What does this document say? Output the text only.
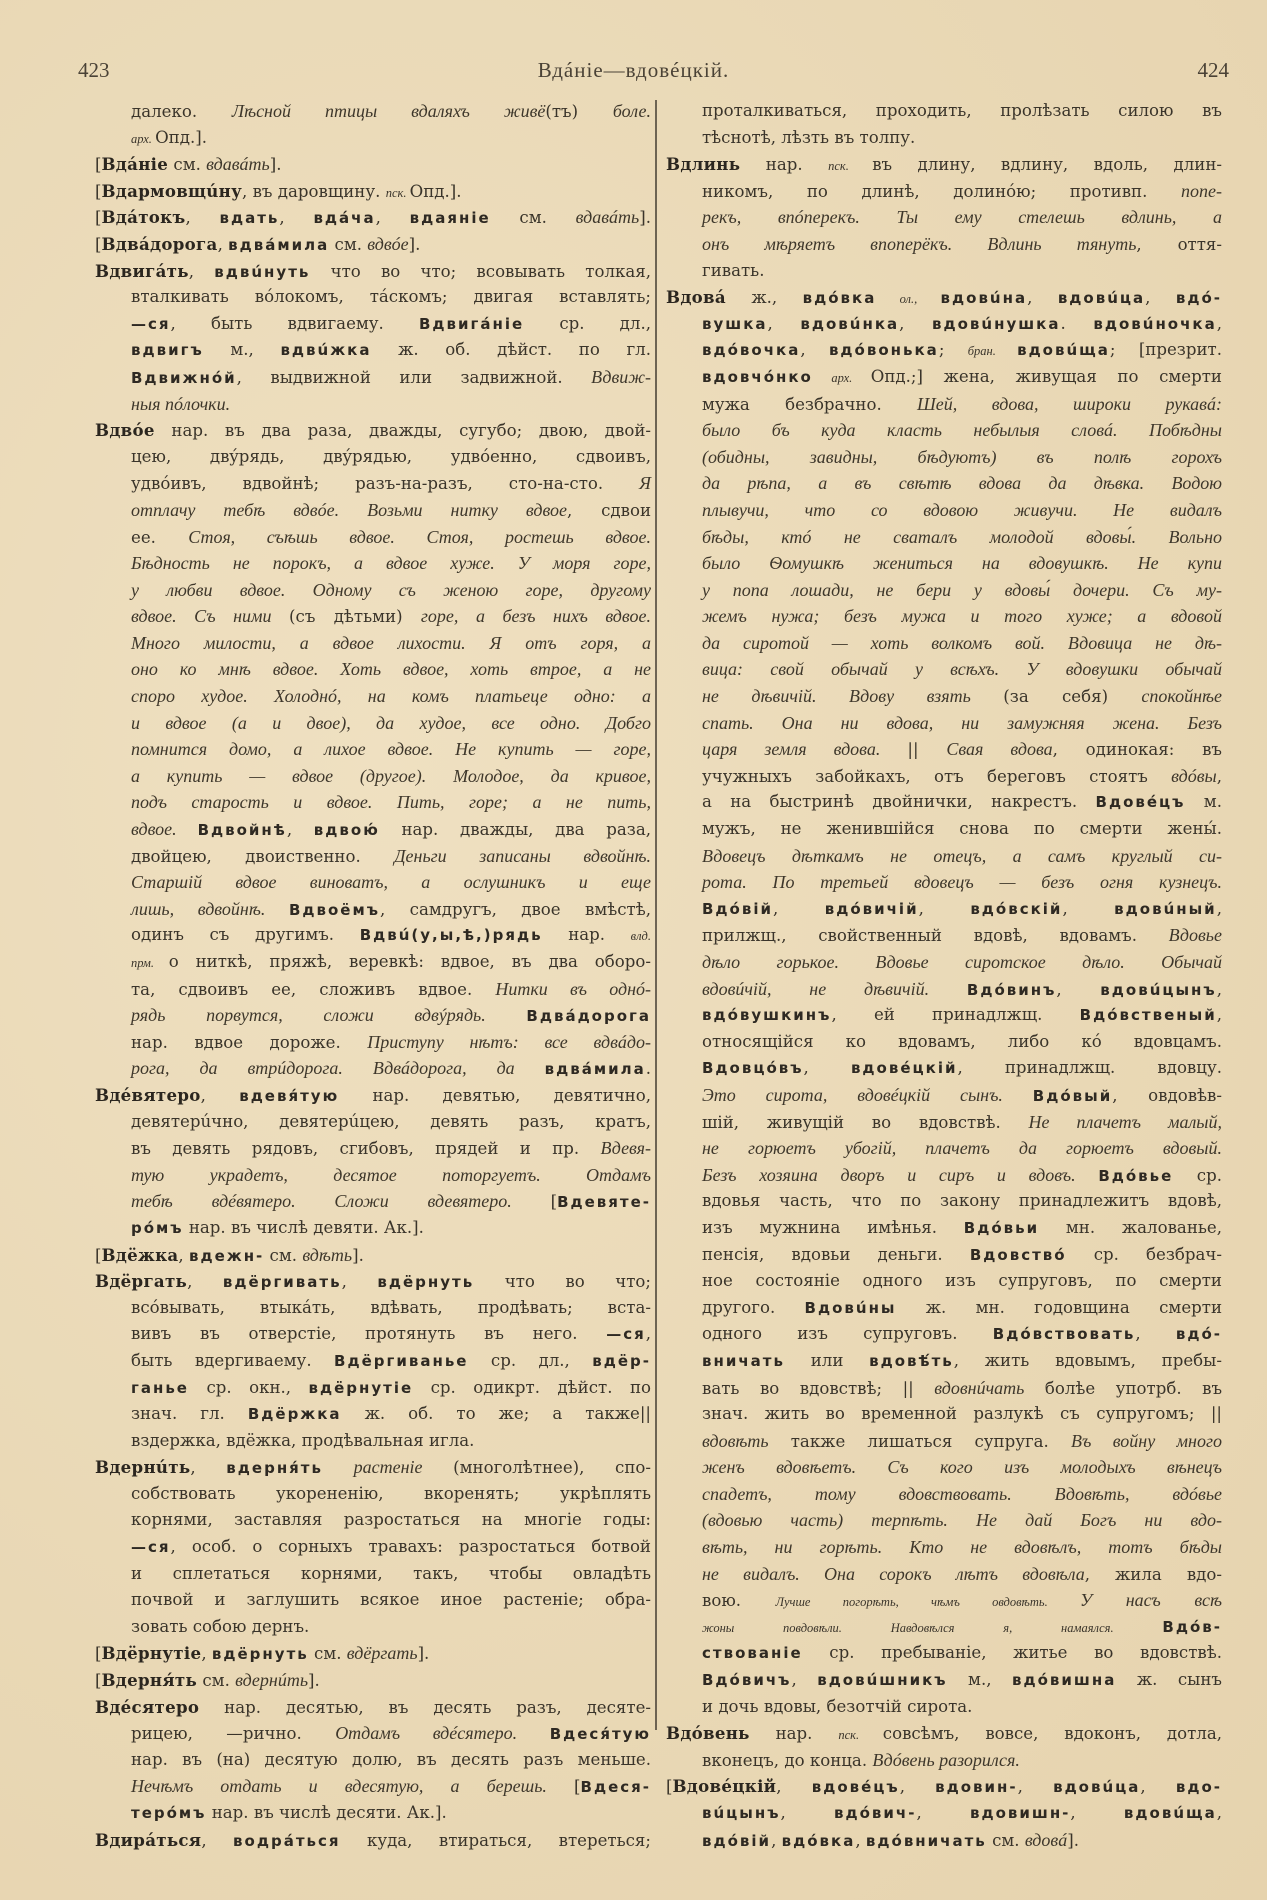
423	Вдáніе—вдовéцкій.	424
далеко. Лѣсной птицы вдаляхъ живё(тъ) боле.
арх. Опд.].
[Вдáніе см. вдавáть].
[Вдармовщúну, въ даровщину. пск. Опд.].
[Вдáтокъ, вдать, вдáча, вдаяніе см. вдавáть].
[Вдвáдорога, вдвáмила см. вдвóе].
Вдвигáть, вдвúнуть что во что; всовывать толкая,
вталкивать вóлокомъ, тáскомъ; двигая вставлять;
—ся, быть вдвигаему. Вдвигáніе ср. дл.,
вдвигъ м., вдвúжка ж. об. дѣйст. по гл.
Вдвижнóй, выдвижной или задвижной. Вдвиж-
ныя пóлочки.
Вдвóе нар. въ два раза, дважды, сугубо; двою, двой-
цею, двýрядь, двýрядью, удвóенно, сдвоивъ,
удвóивъ, вдвойнѣ; разъ-на-разъ, сто-на-сто. Я
отплачу тебѣ вдвóе. Возьми нитку вдвое, сдвои
ее. Стоя, съѣшь вдвое. Стоя, ростешь вдвое.
Бѣдность не порокъ, а вдвое хуже. У моря горе,
у любви вдвое. Одному съ женою горе, другому
вдвое. Съ ними (съ дѣтьми) горе, а безъ нихъ вдвое.
Много милости, а вдвое лихости. Я отъ горя, а
оно ко мнѣ вдвое. Хоть вдвое, хоть втрое, а не
споро худое. Холоднó, на комъ платьеце одно: а
и вдвое (а и двое), да худое, все одно. Добго
помнится домо, а лихое вдвое. Не купить — горе,
а купить — вдвое (другое). Молодое, да кривое,
подъ старость и вдвое. Пить, горе; а не пить,
вдвое. Вдвойнѣ, вдвою́ нар. дважды, два раза,
двойцею, двоиственно. Деньги записаны вдвойнѣ.
Старшій вдвое виноватъ, а ослушникъ и еще
лишь, вдвойнѣ. Вдвоёмъ, самдругъ, двое вмѣстѣ,
одинъ съ другимъ. Вдвú(у,ы,ѣ,)рядь нар. влд.
прм. о ниткѣ, пряжѣ, веревкѣ: вдвое, въ два оборо-
та, сдвоивъ ее, сложивъ вдвое. Нитки въ однó-
рядь порвутся, сложи вдвýрядь. Вдвáдорога
нар. вдвое дороже. Приступу нѣтъ: все вдвáдо-
рога, да втрúдорога. Вдвáдорога, да вдвáмила.
Вдéвятеро, вдевя́тую нар. девятью, девятично,
девятерúчно, девятерúцею, девять разъ, кратъ,
въ девять рядовъ, сгибовъ, прядей и пр. Вдевя-
тую украдетъ, десятое поторгуетъ. Отдамъ
тебѣ вдéвятеро. Сложи вдевятеро. [Вдевяте-
рóмъ нар. въ числѣ девяти. Ак.].
[Вдёжка, вдежн- см. вдѣть].
Вдёргать, вдёргивать, вдёрнуть что во что;
всóвывать, втыкáть, вдѣвать, продѣвать; вста-
вивъ въ отверстіе, протянуть въ него. —ся,
быть вдергиваему. Вдёргиванье ср. дл., вдёр-
ганье ср. окн., вдёрнутіе ср. одикрт. дѣйст. по
знач. гл. Вдёржка ж. об. то же; а также||
вздержка, вдёжка, продѣвальная игла.
Вдернúть, вдерня́ть растеніе (многолѣтнее), спо-
собствовать укорененію, вкоренять; укрѣплять
корнями, заставляя разростаться на многіе годы:
—ся, особ. о сорныхъ травахъ: разростаться ботвой
и сплетаться корнями, такъ, чтобы овладѣть
почвой и заглушить всякое иное растеніе; обра-
зовать собою дернъ.
[Вдёрнутіе, вдёрнуть см. вдёргать].
[Вдерня́ть см. вдернúть].
Вдéсятеро нар. десятью, въ десять разъ, десяте-
рицею, —рично. Отдамъ вдéсятеро. Вдеся́тую
нар. въ (на) десятую долю, въ десять разъ меньше.
Нечѣмъ отдать и вдесятую, а берешь. [Вдеся-
терóмъ нар. въ числѣ десяти. Ак.].
Вдирáться, водрáться куда, втираться, втереться;
проталкиваться, проходить, пролѣзать силою въ
тѣснотѣ, лѣзть въ толпу.
Вдлинь нар. пск. въ длину, вдлину, вдоль, длин-
никомъ, по длинѣ, долинóю; противп. попе-
рекъ, впóперекъ. Ты ему стелешь вдлинь, а
онъ мѣряетъ впоперёкъ. Вдлинь тянуть, оття-
гивать.
Вдовá ж., вдóвка ол., вдовúна, вдовúца, вдó-
вушка, вдовúнка, вдовúнушка. вдовúночка,
вдóвочка, вдóвонька; бран. вдовúща; [презрит.
вдовчóнко арх. Опд.;] жена, живущая по смерти
мужа безбрачно. Шей, вдова, широки рукавá:
было бъ куда класть небылыя словá. Побѣдны
(обидны, завидны, бѣдуютъ) въ полѣ горохъ
да рѣпа, а въ свѣтѣ вдова да дѣвка. Водою
плывучи, что со вдовою живучи. Не видалъ
бѣды, ктó не сваталъ молодой вдовы́. Вольно
было Ѳомушкѣ жениться на вдовушкѣ. Не купи
у попа лошади, не бери у вдовы́ дочери. Съ му-
жемъ нужа; безъ мужа и того хуже; а вдовой
да сиротой — хоть волкомъ вой. Вдовица не дѣ-
вица: свой обычай у всѣхъ. У вдовушки обычай
не дѣвичій. Вдову взять (за себя) спокойнѣе
спать. Она ни вдова, ни замужняя жена. Безъ
царя земля вдова. || Свая вдова, одинокая: въ
учужныхъ забойкахъ, отъ береговъ стоятъ вдóвы,
а на быстринѣ двойнички, накрестъ. Вдовéцъ м.
мужъ, не женившійся снова по смерти жены́.
Вдовецъ дѣткамъ не отецъ, а самъ круглый си-
рота. По третьей вдовецъ — безъ огня кузнецъ.
Вдóвій, вдóвичій, вдóвскій, вдовúный,
прилжщ., свойственный вдовѣ, вдовамъ. Вдовье
дѣло горькое. Вдовье сиротское дѣло. Обычай
вдовúчій, не дѣвичій. Вдóвинъ, вдовúцынъ,
вдóвушкинъ, ей принадлжщ. Вдóвственый,
относящійся ко вдовамъ, либо кó вдовцамъ.
Вдовцóвъ, вдовéцкій, принадлжщ. вдовцу.
Это сирота, вдовéцкій сынъ. Вдóвый, овдовѣв-
шій, живущій во вдовствѣ. Не плачетъ малый,
не горюетъ убогій, плачетъ да горюетъ вдовый.
Безъ хозяина дворъ и сиръ и вдовъ. Вдóвье ср.
вдовья часть, что по закону принадлежитъ вдовѣ,
изъ мужнина имѣнья. Вдóвьи мн. жалованье,
пенсія, вдовьи деньги. Вдовствó ср. безбрач-
ное состояніе одного изъ супруговъ, по смерти
другого. Вдовúны ж. мн. годовщина смерти
одного изъ супруговъ. Вдóвствовать, вдó-
вничать или вдовѣ́ть, жить вдовымъ, пребы-
вать во вдовствѣ; || вдовнúчать болѣе употрб. въ
знач. жить во временной разлукѣ съ супругомъ; ||
вдовѣть также лишаться супруга. Въ войну много
женъ вдовѣетъ. Съ кого изъ молодыхъ вѣнецъ
спадетъ, тому вдовствовать. Вдовѣть, вдóвье
(вдовью часть) терпѣть. Не дай Богъ ни вдо-
вѣть, ни горѣть. Кто не вдовѣлъ, тотъ бѣды
не видалъ. Она сорокъ лѣтъ вдовѣла, жила вдо-
вою. Лучше погорѣть, чѣмъ овдовѣть. У насъ всѣ
жоны повдовѣли. Навдовѣлся я, намаялся. Вдóв-
ствованіе ср. пребываніе, житье во вдовствѣ.
Вдóвичъ, вдовúшникъ м., вдóвишна ж. сынъ
и дочь вдовы, безотчій сирота.
Вдóвень нар. пск. совсѣмъ, вовсе, вдоконъ, дотла,
вконецъ, до конца. Вдóвень разорился.
[Вдовéцкій, вдовéцъ, вдовин-, вдовúца, вдо-
вúцынъ, вдóвич-, вдовишн-, вдовúща,
вдóвій, вдóвка, вдóвничать см. вдовá].
